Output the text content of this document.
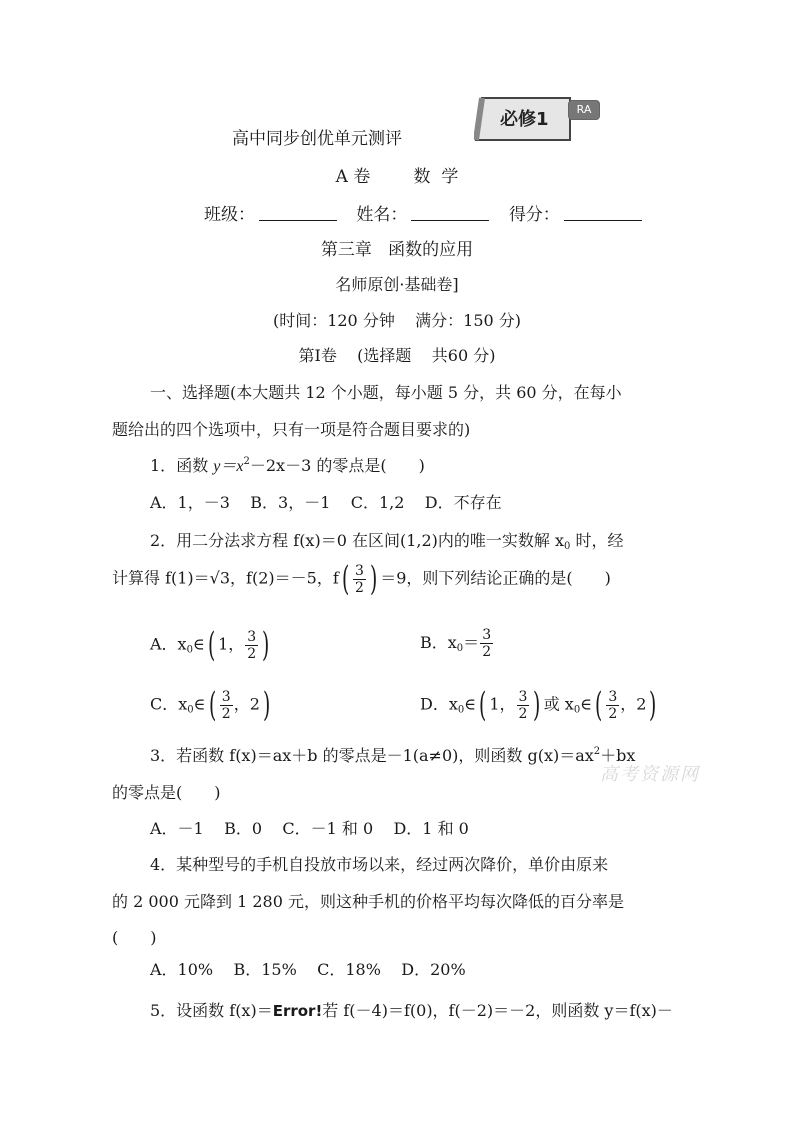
高中同步创优单元测评
必修1	RA
A 卷        数  学
班级：	姓名：	得分：
第三章   函数的应用
名师原创·基础卷]
(时间：120 分钟    满分：150 分)
第Ⅰ卷    (选择题    共60 分)
一、选择题(本大题共 12 个小题，每小题 5 分，共 60 分，在每小
题给出的四个选项中，只有一项是符合题目要求的)
1．函数 $y=x^2-2x-3$ 的零点是(　　)
A．1，－3    B．3，－1    C．1,2    D．不存在
2．用二分法求方程 f(x)＝0 在区间(1,2)内的唯一实数解 $x_0$ 时，经
计算得 f(1)＝√3，f(2)＝－5，$f( \frac{3}{2}$ ) ＝9，则下列结论正确的是(　　)
A．$x_0\in$( 1， $\frac{3}{2}$ )	B．$x_0= \frac{3}{2}$
C．$x_0\in( \frac{3}{2}$ ，2)	D．$x_0\in$( 1， $\frac{3}{2}$ ) 或 $x_0\in( \frac{3}{2}$ ，2)
3．若函数 f(x)＝ax＋b 的零点是－1(a≠0)，则函数 $g(x)=ax^2+bx$
高考资源网
的零点是(　　)
A．－1    B．0    C．－1 和 0    D．1 和 0
4．某种型号的手机自投放市场以来，经过两次降价，单价由原来
的 2 000 元降到 1 280 元，则这种手机的价格平均每次降低的百分率是
(　　)
A．10%    B．15%    C．18%    D．20%
5．设函数 f(x)＝Error!若 f(－4)＝f(0)，f(－2)＝－2，则函数 y＝f(x)－
